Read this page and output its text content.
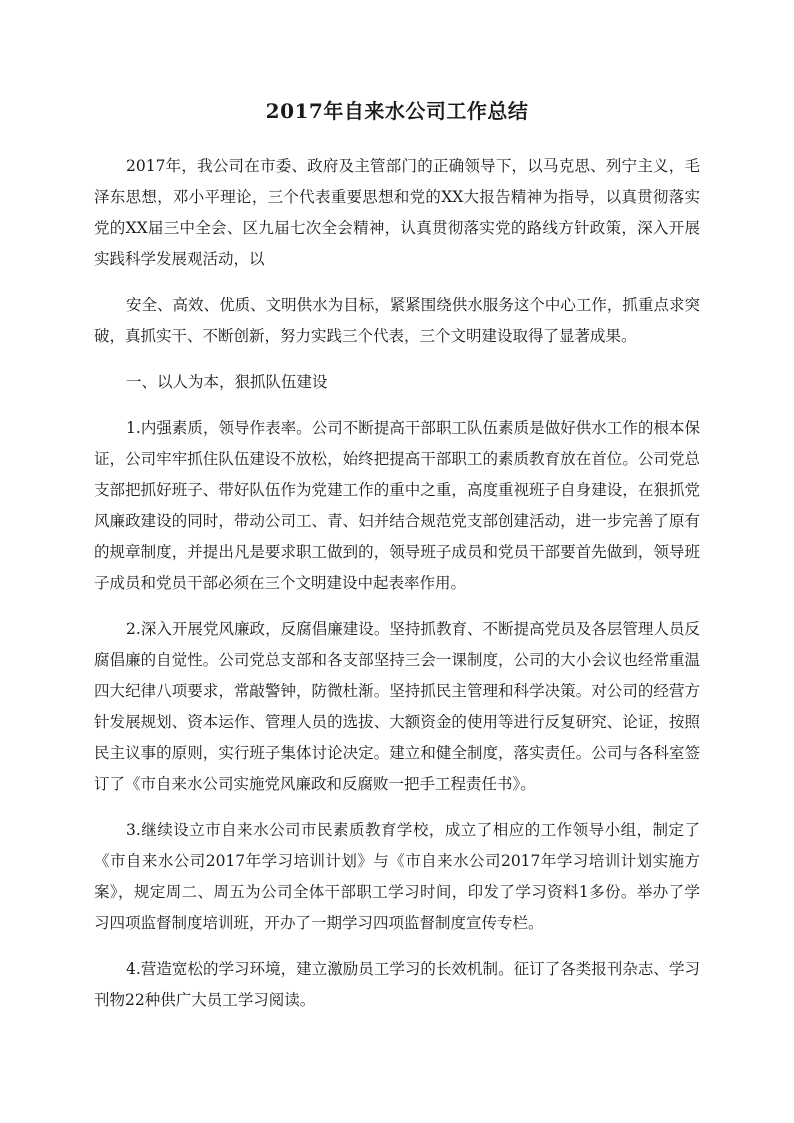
2017年自来水公司工作总结

2017年，我公司在市委、政府及主管部门的正确领导下，以马克思、列宁主义，毛泽东思想，邓小平理论，三个代表重要思想和党的XX大报告精神为指导，以真贯彻落实党的XX届三中全会、区九届七次全会精神，认真贯彻落实党的路线方针政策，深入开展实践科学发展观活动，以

安全、高效、优质、文明供水为目标，紧紧围绕供水服务这个中心工作，抓重点求突破，真抓实干、不断创新，努力实践三个代表，三个文明建设取得了显著成果。

一、以人为本，狠抓队伍建设

1.内强素质，领导作表率。公司不断提高干部职工队伍素质是做好供水工作的根本保证，公司牢牢抓住队伍建设不放松，始终把提高干部职工的素质教育放在首位。公司党总支部把抓好班子、带好队伍作为党建工作的重中之重，高度重视班子自身建设，在狠抓党风廉政建设的同时，带动公司工、青、妇并结合规范党支部创建活动，进一步完善了原有的规章制度，并提出凡是要求职工做到的，领导班子成员和党员干部要首先做到，领导班子成员和党员干部必须在三个文明建设中起表率作用。

2.深入开展党风廉政，反腐倡廉建设。坚持抓教育、不断提高党员及各层管理人员反腐倡廉的自觉性。公司党总支部和各支部坚持三会一课制度，公司的大小会议也经常重温四大纪律八项要求，常敲警钟，防微杜渐。坚持抓民主管理和科学决策。对公司的经营方针发展规划、资本运作、管理人员的选拔、大额资金的使用等进行反复研究、论证，按照民主议事的原则，实行班子集体讨论决定。建立和健全制度，落实责任。公司与各科室签订了《市自来水公司实施党风廉政和反腐败一把手工程责任书》。

3.继续设立市自来水公司市民素质教育学校，成立了相应的工作领导小组，制定了《市自来水公司2017年学习培训计划》与《市自来水公司2017年学习培训计划实施方案》，规定周二、周五为公司全体干部职工学习时间，印发了学习资料1多份。举办了学习四项监督制度培训班，开办了一期学习四项监督制度宣传专栏。

4.营造宽松的学习环境，建立激励员工学习的长效机制。征订了各类报刊杂志、学习刊物22种供广大员工学习阅读。
